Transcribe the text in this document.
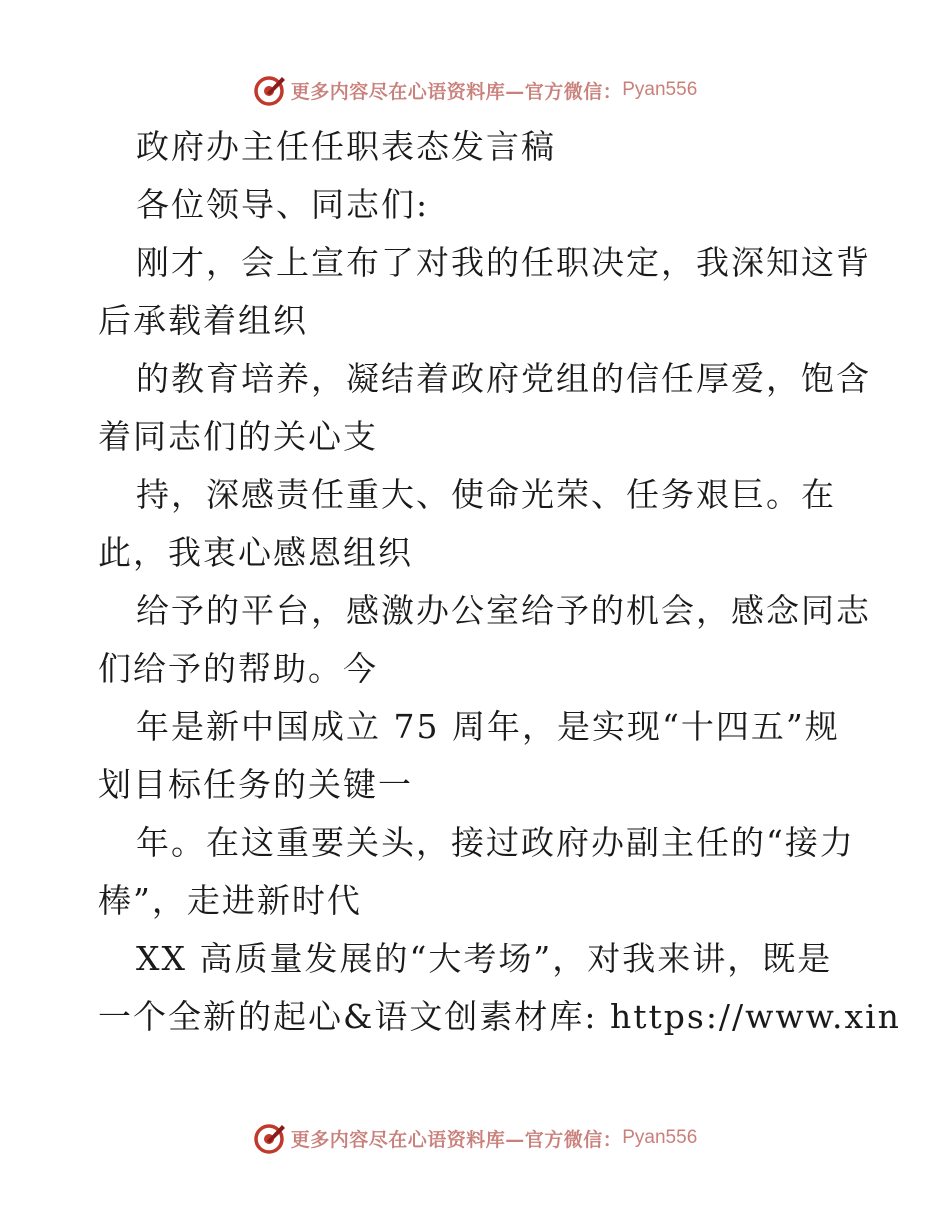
更多内容尽在心语资料库—官方微信： Pyan556

政府办主任任职表态发言稿

各位领导、同志们:

刚才，会上宣布了对我的任职决定，我深知这背

后承载着组织

的教育培养，凝结着政府党组的信任厚爱，饱含

着同志们的关心支

持，深感责任重大、使命光荣、任务艰巨。在

此，我衷心感恩组织

给予的平台，感激办公室给予的机会，感念同志

们给予的帮助。今

年是新中国成立 75 周年，是实现“十四五”规

划目标任务的关键一

年。在这重要关头，接过政府办副主任的“接力

棒”，走进新时代

XX 高质量发展的“大考场”，对我来讲，既是

一个全新的起心&语文创素材库: https://www.xin

更多内容尽在心语资料库—官方微信： Pyan556
